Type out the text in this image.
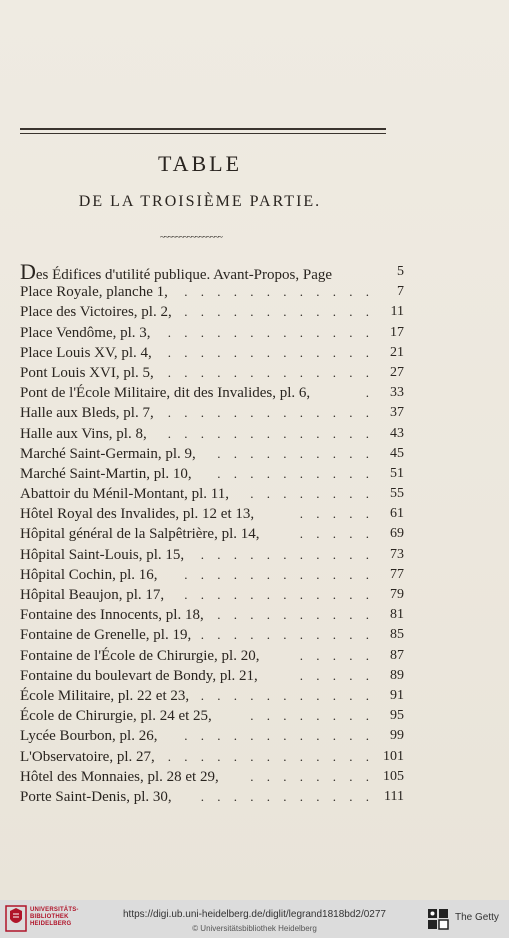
TABLE
DE LA TROISIÈME PARTIE.
~~~~~~~~~~~~~~~~
Des Édifices d'utilité publique. Avant-Propos, Page	5
Place Royale, planche 1, . . . . . . . . . . . . 7
Place des Victoires, pl. 2, . . . . . . . . . . . . 11
Place Vendôme, pl. 3, . . . . . . . . . . . . . 17
Place Louis XV, pl. 4, . . . . . . . . . . . . . 21
Pont Louis XVI, pl. 5, . . . . . . . . . . . . . 27
Pont de l'École Militaire, dit des Invalides, pl. 6,	. 33
Halle aux Bleds, pl. 7, . . . . . . . . . . . . . 37
Halle aux Vins, pl. 8, . . . . . . . . . . . . . 43
Marché Saint-Germain, pl. 9, . . . . . . . . . . 45
Marché Saint-Martin, pl. 10, . . . . . . . . . . 51
Abattoir du Ménil-Montant, pl. 11, . . . . . . . . 55
Hôtel Royal des Invalides, pl. 12 et 13,	. . . . . 61
Hôpital général de la Salpêtrière, pl. 14,	. . . . . 69
Hôpital Saint-Louis, pl. 15, . . . . . . . . . . . 73
Hôpital Cochin, pl. 16, . . . . . . . . . . . . 77
Hôpital Beaujon, pl. 17, . . . . . . . . . . . . 79
Fontaine des Innocents, pl. 18, . . . . . . . . . . 81
Fontaine de Grenelle, pl. 19, . . . . . . . . . . . 85
Fontaine de l'École de Chirurgie, pl. 20,	. . . . . 87
Fontaine du boulevart de Bondy, pl. 21,	. . . . . 89
École Militaire, pl. 22 et 23, . . . . . . . . . . . 91
École de Chirurgie, pl. 24 et 25,	. . . . . . . . 95
Lycée Bourbon, pl. 26, . . . . . . . . . . . . 99
L'Observatoire, pl. 27, . . . . . . . . . . . . . 101
Hôtel des Monnaies, pl. 28 et 29, . . . . . . . . 105
Porte Saint-Denis, pl. 30, . . . . . . . . . . . 111
UNIVERSITÄTS-
BIBLIOTHEK
HEIDELBERG
https://digi.ub.uni-heidelberg.de/diglit/legrand1818bd2/0277
© Universitätsbibliothek Heidelberg
The Getty
